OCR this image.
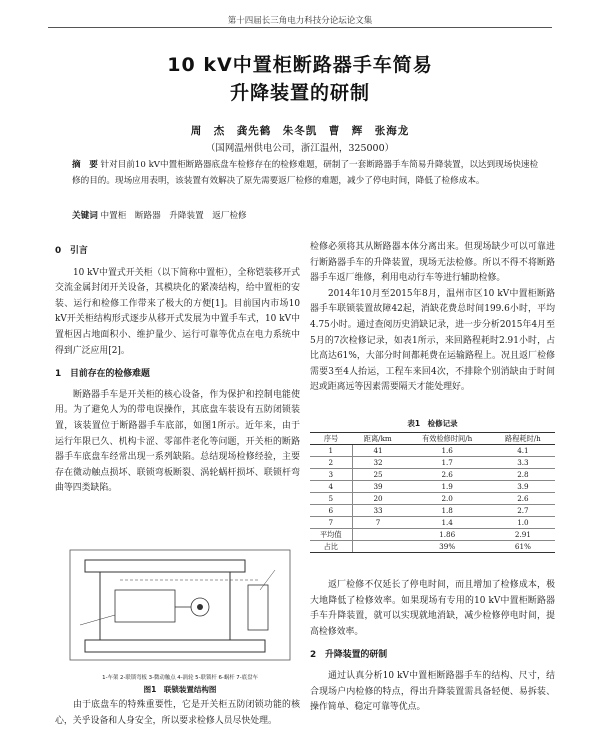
第十四届长三角电力科技分论坛论文集
10 kV中置柜断路器手车简易
升降装置的研制
周　杰　龚先鹤　朱冬凯　曹　辉　张海龙
（国网温州供电公司，浙江温州，325000）
摘　要 针对目前10 kV中置柜断路器底盘车检修存在的检修难题，研制了一套断路器手车简易升降装置，以达到现场快速检修的目的。现场应用表明，该装置有效解决了原先需要返厂检修的难题，减少了停电时间，降低了检修成本。
关键词 中置柜　断路器　升降装置　返厂检修
0　引言

10 kV中置式开关柜（以下简称中置柜），全称铠装移开式交流金属封闭开关设备，其模块化的紧凑结构，给中置柜的安装、运行和检修工作带来了极大的方便[1]。目前国内市场10 kV开关柜结构形式逐步从移开式发展为中置手车式，10 kV中置柜因占地面积小、维护量少、运行可靠等优点在电力系统中得到广泛应用[2]。

1　目前存在的检修难题

断路器手车是开关柜的核心设备，作为保护和控制电能使用。为了避免人为的带电误操作，其底盘车装设有五防闭锁装置，该装置位于断路器手车底部，如图1所示。近年来，由于运行年限已久、机构卡涩、零部件老化等问题，开关柜的断路器手车底盘车经常出现一系列缺陷。总结现场检修经验，主要存在微动触点损坏、联锁弯板断裂、涡轮蜗杆损坏、联锁杆弯曲等四类缺陷。

1-车架 2-联锁弯板 3-微动触点 4-涡轮 5-联锁杆 6-蜗杆 7-底盘车
图1　联锁装置结构图

由于底盘车的特殊重要性，它是开关柜五防闭锁功能的核心，关乎设备和人身安全，所以要求检修人员尽快处理。

检修必须将其从断路器本体分离出来。但现场缺少可以可靠进行断路器手车的升降装置，现场无法检修。所以不得不将断路器手车返厂维修，利用电动行车等进行辅助检修。

2014年10月至2015年8月，温州市区10 kV中置柜断路器手车联锁装置故障42起，消缺花费总时间199.6小时，平均4.75小时。通过查阅历史消缺记录，进一步分析2015年4月至5月的7次检修记录，如表1所示，来回路程耗时2.91小时，占比高达61%，大部分时间都耗费在运输路程上。况且返厂检修需要3至4人抬运，工程车来回4次，不排除个别消缺由于时间迟或距离远等因素需要隔天才能处理好。

表1　检修记录
序号	距离/km	有效检修时间/h	路程耗时/h
1	41	1.6	4.1
2	32	1.7	3.3
3	25	2.6	2.8
4	39	1.9	3.9
5	20	2.0	2.6
6	33	1.8	2.7
7	7	1.4	1.0
平均值		1.86	2.91
占比		39%	61%

返厂检修不仅延长了停电时间，而且增加了检修成本，极大地降低了检修效率。如果现场有专用的10 kV中置柜断路器手车升降装置，就可以实现就地消缺，减少检修停电时间，提高检修效率。

2　升降装置的研制

通过认真分析10 kV中置柜断路器手车的结构、尺寸，结合现场户内检修的特点，得出升降装置需具备轻便、易拆装、操作简单、稳定可靠等优点。
